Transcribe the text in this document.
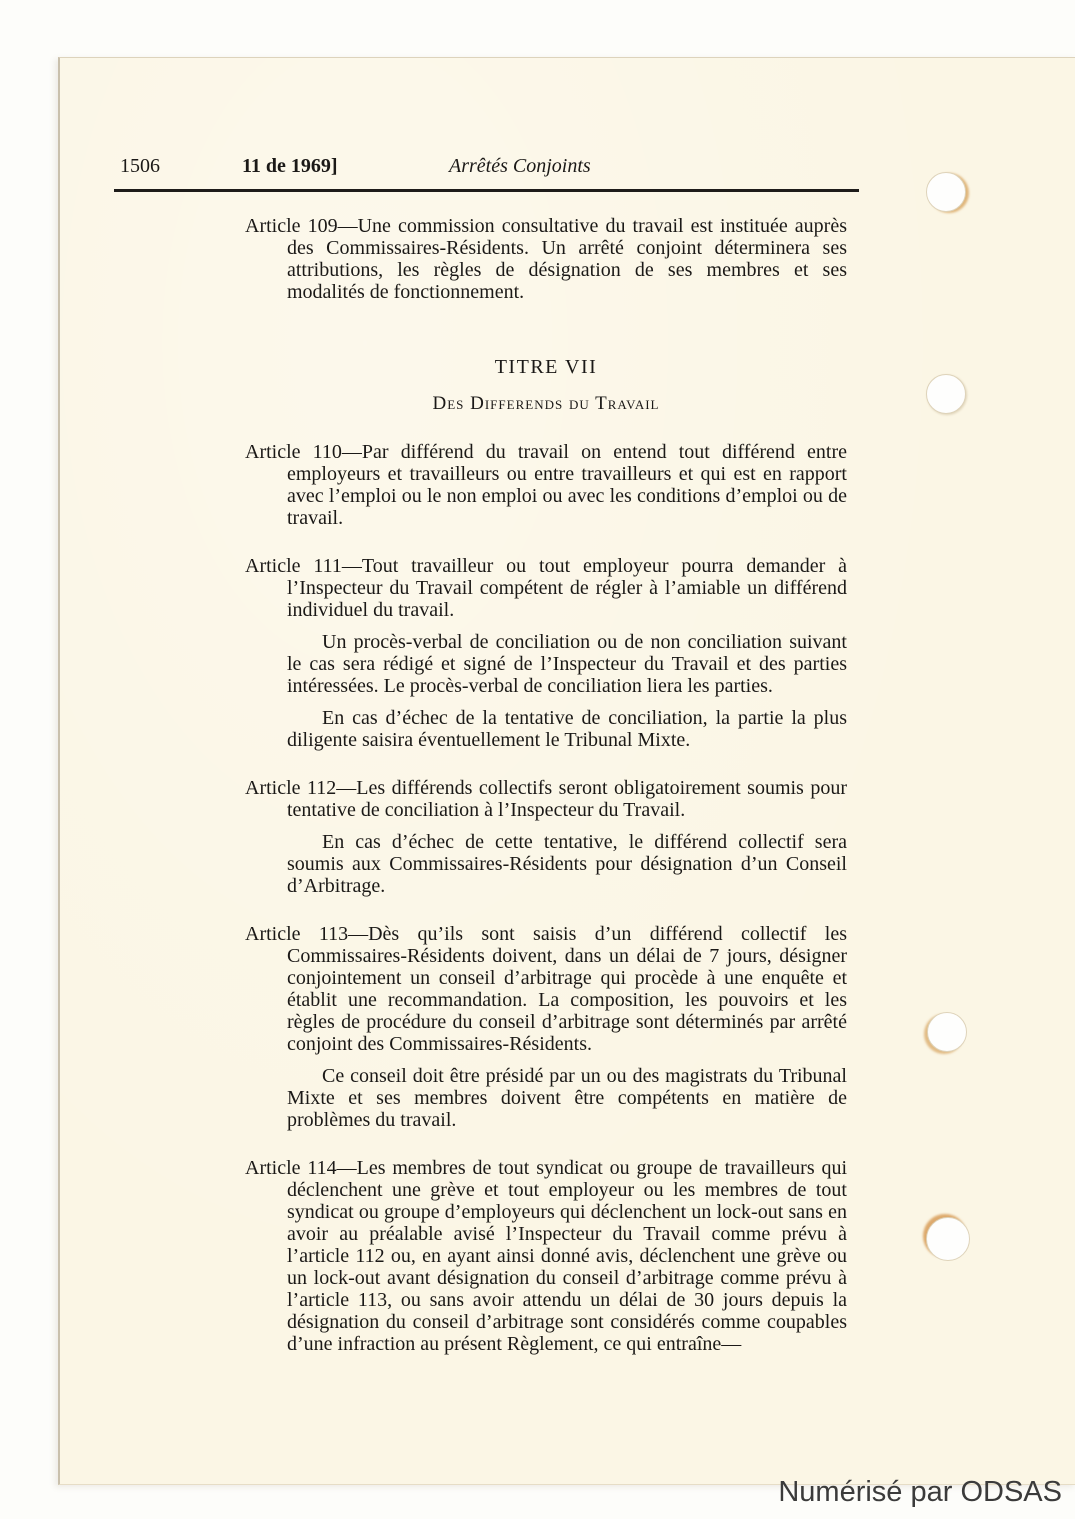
1506	11 de 1969]	Arrêtés Conjoints

Article 109—Une commission consultative du travail est instituée auprès des Commissaires-Résidents. Un arrêté conjoint déterminera ses attributions, les règles de désignation de ses membres et ses modalités de fonctionnement.

TITRE VII
Des Differends du Travail

Article 110—Par différend du travail on entend tout différend entre employeurs et travailleurs ou entre travailleurs et qui est en rapport avec l’emploi ou le non emploi ou avec les conditions d’emploi ou de travail.

Article 111—Tout travailleur ou tout employeur pourra demander à l’Inspecteur du Travail compétent de régler à l’amiable un différend individuel du travail.

Un procès-verbal de conciliation ou de non conciliation suivant le cas sera rédigé et signé de l’Inspecteur du Travail et des parties intéressées. Le procès-verbal de conciliation liera les parties.

En cas d’échec de la tentative de conciliation, la partie la plus diligente saisira éventuellement le Tribunal Mixte.

Article 112—Les différends collectifs seront obligatoirement soumis pour tentative de conciliation à l’Inspecteur du Travail.

En cas d’échec de cette tentative, le différend collectif sera soumis aux Commissaires-Résidents pour désignation d’un Conseil d’Arbitrage.

Article 113—Dès qu’ils sont saisis d’un différend collectif les Commissaires-Résidents doivent, dans un délai de 7 jours, désigner conjointement un conseil d’arbitrage qui procède à une enquête et établit une recommandation. La composition, les pouvoirs et les règles de procédure du conseil d’arbitrage sont déterminés par arrêté conjoint des Commissaires-Résidents.

Ce conseil doit être présidé par un ou des magistrats du Tribunal Mixte et ses membres doivent être compétents en matière de problèmes du travail.

Article 114—Les membres de tout syndicat ou groupe de travailleurs qui déclenchent une grève et tout employeur ou les membres de tout syndicat ou groupe d’employeurs qui déclenchent un lock-out sans en avoir au préalable avisé l’Inspecteur du Travail comme prévu à l’article 112 ou, en ayant ainsi donné avis, déclenchent une grève ou un lock-out avant désignation du conseil d’arbitrage comme prévu à l’article 113, ou sans avoir attendu un délai de 30 jours depuis la désignation du conseil d’arbitrage sont considérés comme coupables d’une infraction au présent Règlement, ce qui entraîne—

Numérisé par ODSAS
